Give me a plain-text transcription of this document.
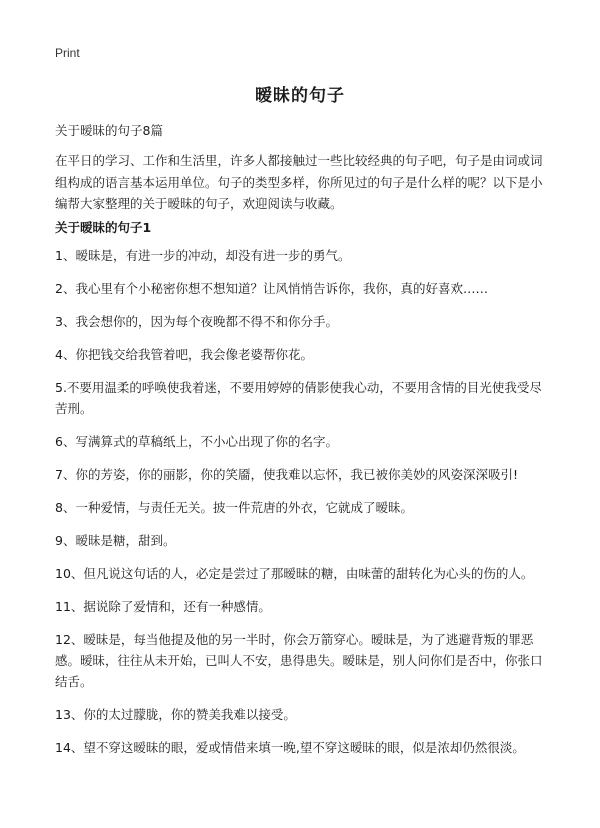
Print
暧昧的句子
关于暧昧的句子8篇
在平日的学习、工作和生活里，许多人都接触过一些比较经典的句子吧，句子是由词或词组构成的语言基本运用单位。句子的类型多样，你所见过的句子是什么样的呢？以下是小编帮大家整理的关于暧昧的句子，欢迎阅读与收藏。
关于暧昧的句子1
1、暧昧是，有进一步的冲动，却没有进一步的勇气。
2、我心里有个小秘密你想不想知道？让风悄悄告诉你，我你，真的好喜欢……
3、我会想你的，因为每个夜晚都不得不和你分手。
4、你把钱交给我管着吧，我会像老婆帮你花。
5.不要用温柔的呼唤使我着迷，不要用婷婷的倩影使我心动，不要用含情的目光使我受尽苦刑。
6、写满算式的草稿纸上，不小心出现了你的名字。
7、你的芳姿，你的丽影，你的笑靥，使我难以忘怀，我已被你美妙的风姿深深吸引!
8、一种爱情，与责任无关。披一件荒唐的外衣，它就成了暧昧。
9、暧昧是糖，甜到。
10、但凡说这句话的人，必定是尝过了那暧昧的糖，由味蕾的甜转化为心头的伤的人。
11、据说除了爱情和，还有一种感情。
12、暧昧是，每当他提及他的另一半时，你会万箭穿心。暧昧是，为了逃避背叛的罪恶感。暧昧，往往从未开始，已叫人不安，患得患失。暧昧是，别人问你们是否中，你张口结舌。
13、你的太过朦胧，你的赞美我难以接受。
14、望不穿这暧昧的眼，爱或情借来填一晚,望不穿这暧昧的眼，似是浓却仍然很淡。
